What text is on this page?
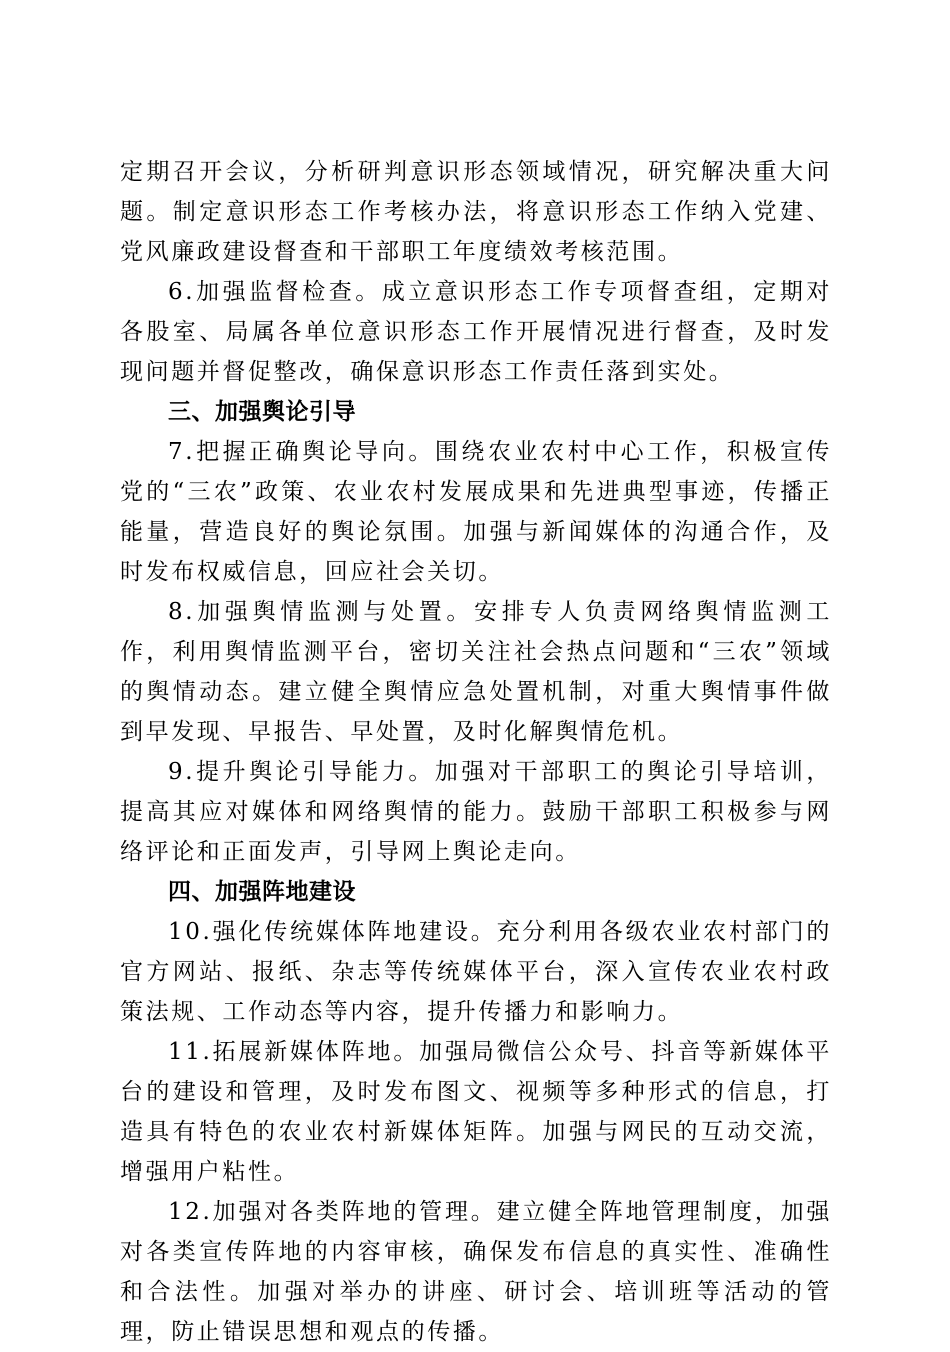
定期召开会议，分析研判意识形态领域情况，研究解决重大问题。制定意识形态工作考核办法，将意识形态工作纳入党建、党风廉政建设督查和干部职工年度绩效考核范围。

6.加强监督检查。成立意识形态工作专项督查组，定期对各股室、局属各单位意识形态工作开展情况进行督查，及时发现问题并督促整改，确保意识形态工作责任落到实处。

三、加强舆论引导

7.把握正确舆论导向。围绕农业农村中心工作，积极宣传党的“三农”政策、农业农村发展成果和先进典型事迹，传播正能量，营造良好的舆论氛围。加强与新闻媒体的沟通合作，及时发布权威信息，回应社会关切。

8.加强舆情监测与处置。安排专人负责网络舆情监测工作，利用舆情监测平台，密切关注社会热点问题和“三农”领域的舆情动态。建立健全舆情应急处置机制，对重大舆情事件做到早发现、早报告、早处置，及时化解舆情危机。

9.提升舆论引导能力。加强对干部职工的舆论引导培训，提高其应对媒体和网络舆情的能力。鼓励干部职工积极参与网络评论和正面发声，引导网上舆论走向。

四、加强阵地建设

10.强化传统媒体阵地建设。充分利用各级农业农村部门的官方网站、报纸、杂志等传统媒体平台，深入宣传农业农村政策法规、工作动态等内容，提升传播力和影响力。

11.拓展新媒体阵地。加强局微信公众号、抖音等新媒体平台的建设和管理，及时发布图文、视频等多种形式的信息，打造具有特色的农业农村新媒体矩阵。加强与网民的互动交流，增强用户粘性。

12.加强对各类阵地的管理。建立健全阵地管理制度，加强对各类宣传阵地的内容审核，确保发布信息的真实性、准确性和合法性。加强对举办的讲座、研讨会、培训班等活动的管理，防止错误思想和观点的传播。
